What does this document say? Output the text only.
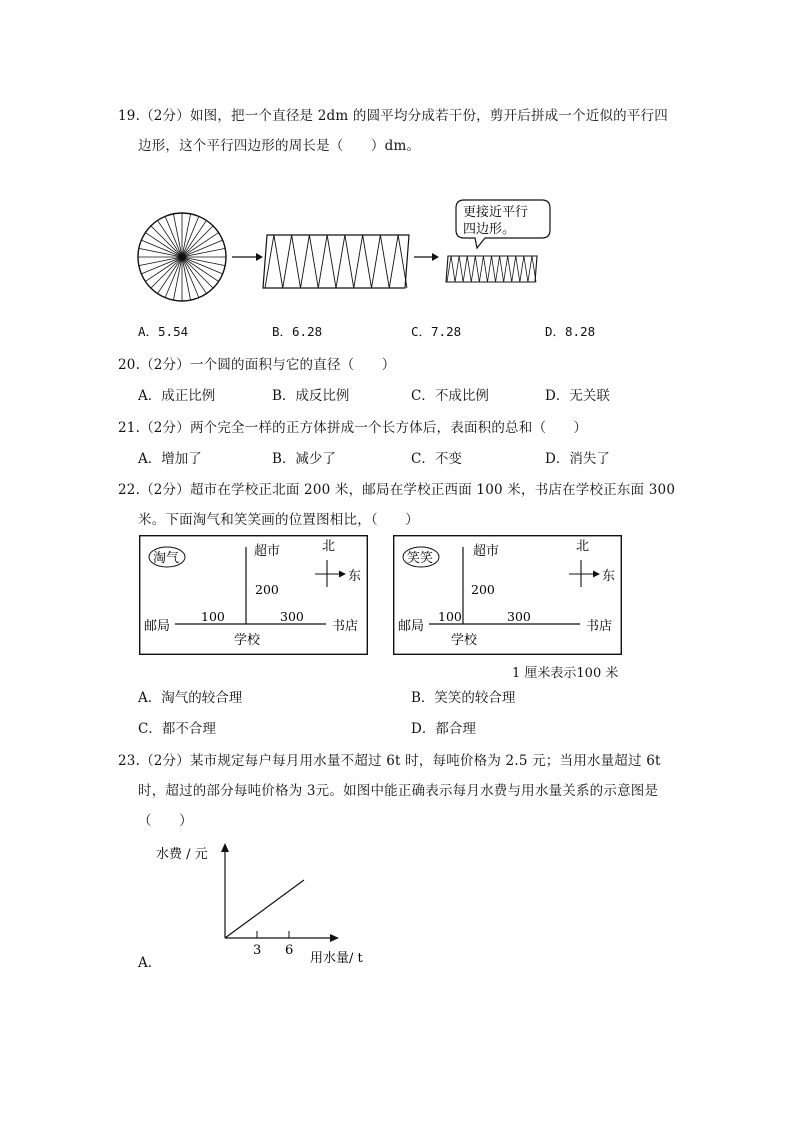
19.（2分）如图，把一个直径是 2dm 的圆平均分成若干份，剪开后拼成一个近似的平行四
边形，这个平行四边形的周长是（　　）dm。
更接近平行
四边形。
A．5.54	B．6.28	C．7.28	D．8.28
20.（2分）一个圆的面积与它的直径（　　）
A．成正比例	B．成反比例	C．不成比例	D．无关联
21.（2分）两个完全一样的正方体拼成一个长方体后，表面积的总和（　　）
A．增加了	B．减少了	C．不变	D．消失了
22.（2分）超市在学校正北面 200 米，邮局在学校正西面 100 米，书店在学校正东面 300
米。下面淘气和笑笑画的位置图相比，（　　）
淘气	超市
200
邮局
100	300
书店
学校
北
东
笑笑	超市
200
邮局
100	300
书店
学校
北
东
1 厘米表示100 米
A．淘气的较合理	B．笑笑的较合理
C．都不合理	D．都合理
23.（2分）某市规定每户每月用水量不超过 6t 时，每吨价格为 2.5 元；当用水量超过 6t
时，超过的部分每吨价格为 3元。如图中能正确表示每月水费与用水量关系的示意图是
（　　）
水费 / 元
3 6
用水量/ t
A.
